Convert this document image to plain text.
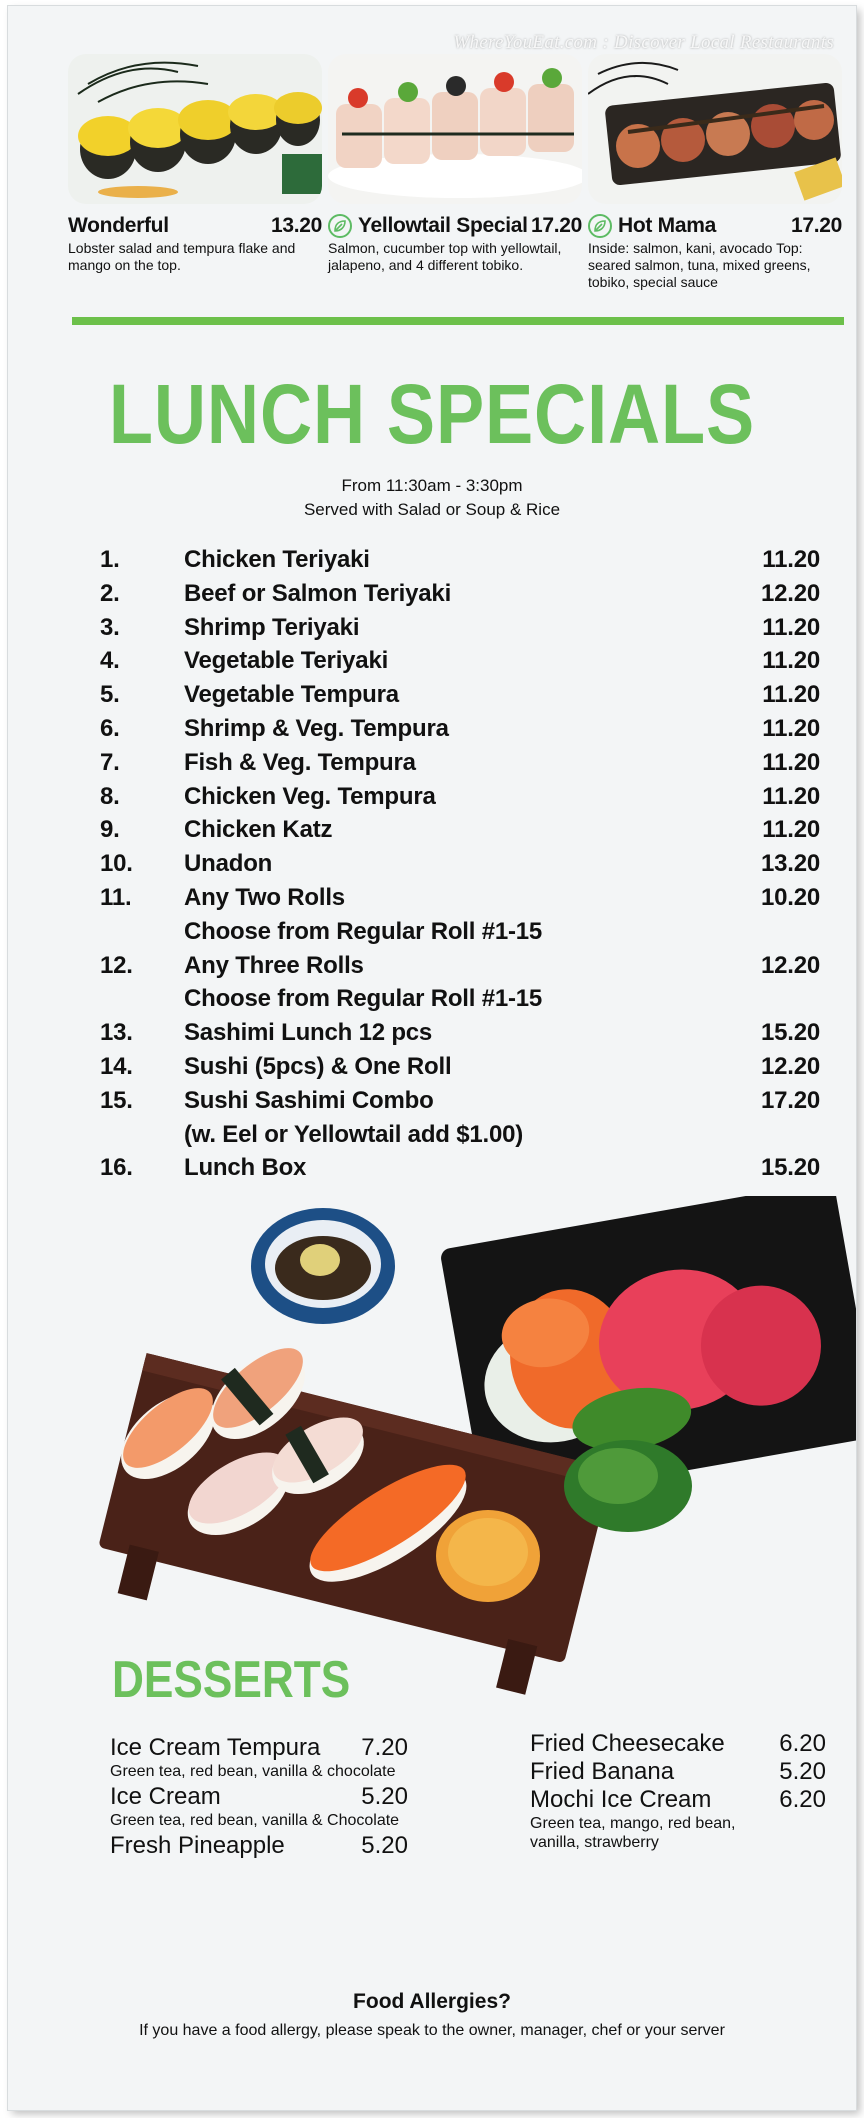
WhereYouEat.com : Discover Local Restaurants
Wonderful	13.20
Lobster salad and tempura flake and mango on the top.
Yellowtail Special 17.20
Salmon, cucumber top with yellowtail, jalapeno, and 4 different tobiko.
Hot Mama	17.20
Inside: salmon, kani, avocado Top: seared salmon, tuna, mixed greens, tobiko, special sauce
LUNCH SPECIALS
From 11:30am - 3:30pm
Served with Salad or Soup & Rice
1.	Chicken Teriyaki	11.20
2.	Beef or Salmon Teriyaki	12.20
3.	Shrimp Teriyaki	11.20
4.	Vegetable Teriyaki	11.20
5.	Vegetable Tempura	11.20
6.	Shrimp & Veg. Tempura	11.20
7.	Fish & Veg. Tempura	11.20
8.	Chicken Veg. Tempura	11.20
9.	Chicken Katz	11.20
10. Unadon	13.20
11. Any Two Rolls	10.20
Choose from Regular Roll #1-15
12. Any Three Rolls	12.20
Choose from Regular Roll #1-15
13. Sashimi Lunch 12 pcs	15.20
14. Sushi (5pcs) & One Roll	12.20
15. Sushi Sashimi Combo	17.20
(w. Eel or Yellowtail add $1.00)
16. Lunch Box	15.20
DESSERTS
Ice Cream Tempura	7.20
Green tea, red bean, vanilla & chocolate
Ice Cream	5.20
Green tea, red bean, vanilla & Chocolate
Fresh Pineapple	5.20
Fried Cheesecake	6.20
Fried Banana	5.20
Mochi Ice Cream	6.20
Green tea, mango, red bean, vanilla, strawberry
Food Allergies?
If you have a food allergy, please speak to the owner, manager, chef or your server
